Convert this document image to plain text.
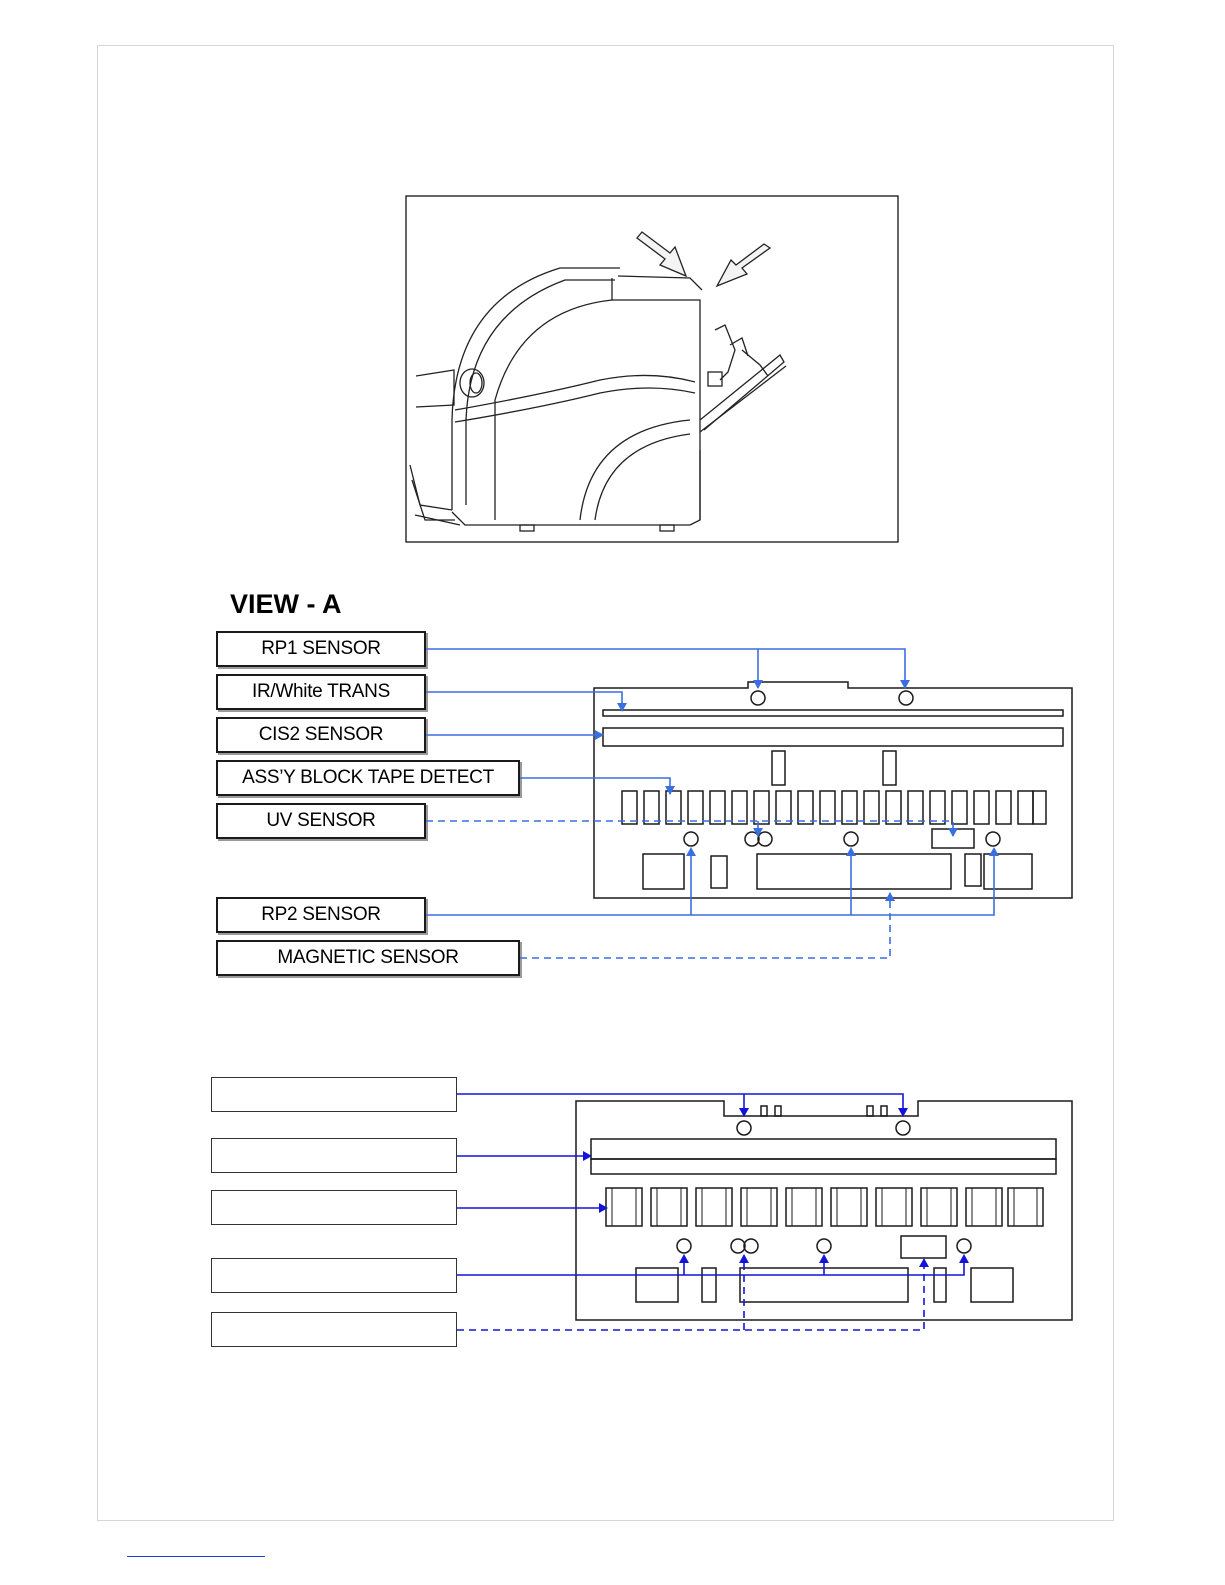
VIEW - A
RP1 SENSOR
IR/White TRANS
CIS2 SENSOR
ASS’Y BLOCK TAPE DETECT
UV SENSOR
RP2 SENSOR
MAGNETIC SENSOR
